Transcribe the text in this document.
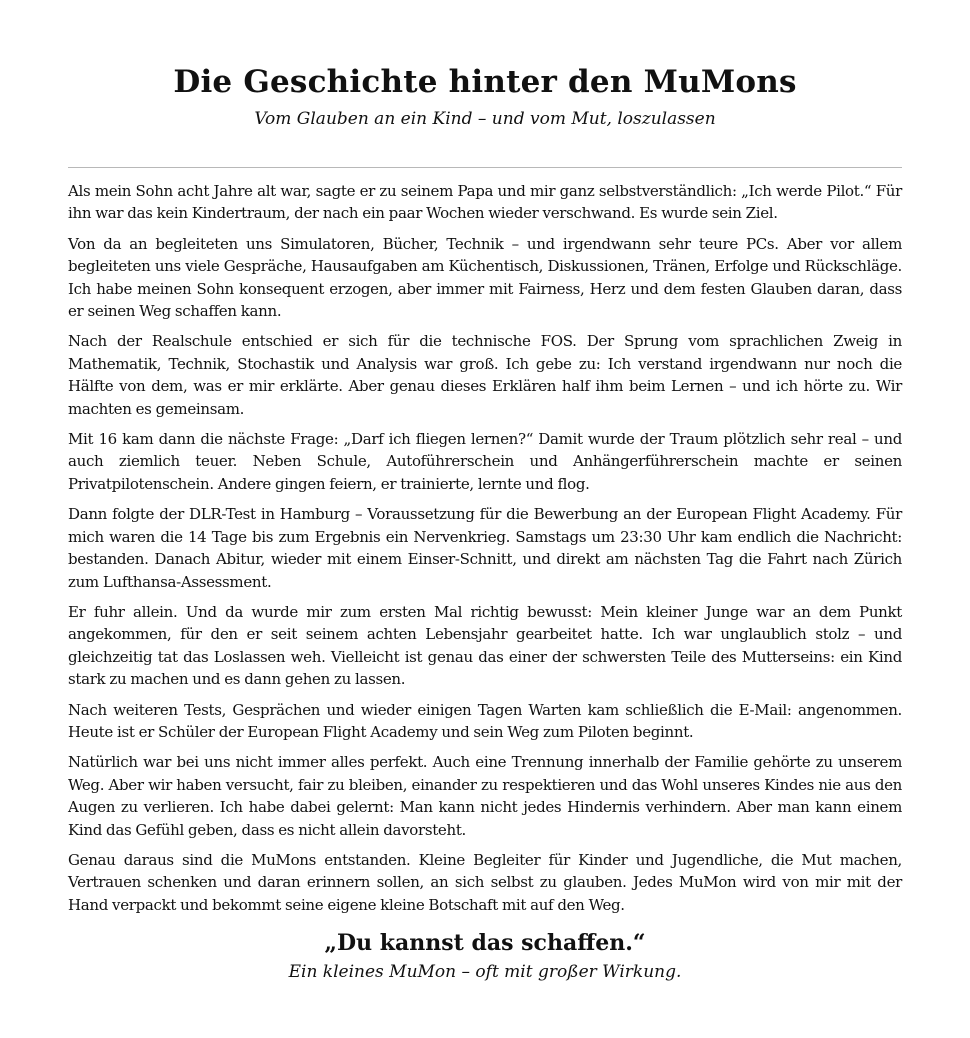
Die Geschichte hinter den MuMons

Vom Glauben an ein Kind – und vom Mut, loszulassen

Als mein Sohn acht Jahre alt war, sagte er zu seinem Papa und mir ganz selbstverständlich: „Ich werde Pilot.“ Für ihn war das kein Kindertraum, der nach ein paar Wochen wieder verschwand. Es wurde sein Ziel.

Von da an begleiteten uns Simulatoren, Bücher, Technik – und irgendwann sehr teure PCs. Aber vor allem begleiteten uns viele Gespräche, Hausaufgaben am Küchentisch, Diskussionen, Tränen, Erfolge und Rückschläge. Ich habe meinen Sohn konsequent erzogen, aber immer mit Fairness, Herz und dem festen Glauben daran, dass er seinen Weg schaffen kann.

Nach der Realschule entschied er sich für die technische FOS. Der Sprung vom sprachlichen Zweig in Mathematik, Technik, Stochastik und Analysis war groß. Ich gebe zu: Ich verstand irgendwann nur noch die Hälfte von dem, was er mir erklärte. Aber genau dieses Erklären half ihm beim Lernen – und ich hörte zu. Wir machten es gemeinsam.

Mit 16 kam dann die nächste Frage: „Darf ich fliegen lernen?“ Damit wurde der Traum plötzlich sehr real – und auch ziemlich teuer. Neben Schule, Autoführerschein und Anhängerführerschein machte er seinen Privatpilotenschein. Andere gingen feiern, er trainierte, lernte und flog.

Dann folgte der DLR-Test in Hamburg – Voraussetzung für die Bewerbung an der European Flight Academy. Für mich waren die 14 Tage bis zum Ergebnis ein Nervenkrieg. Samstags um 23:30 Uhr kam endlich die Nachricht: bestanden. Danach Abitur, wieder mit einem Einser-Schnitt, und direkt am nächsten Tag die Fahrt nach Zürich zum Lufthansa-Assessment.

Er fuhr allein. Und da wurde mir zum ersten Mal richtig bewusst: Mein kleiner Junge war an dem Punkt angekommen, für den er seit seinem achten Lebensjahr gearbeitet hatte. Ich war unglaublich stolz – und gleichzeitig tat das Loslassen weh. Vielleicht ist genau das einer der schwersten Teile des Mutterseins: ein Kind stark zu machen und es dann gehen zu lassen.

Nach weiteren Tests, Gesprächen und wieder einigen Tagen Warten kam schließlich die E-Mail: angenommen. Heute ist er Schüler der European Flight Academy und sein Weg zum Piloten beginnt.

Natürlich war bei uns nicht immer alles perfekt. Auch eine Trennung innerhalb der Familie gehörte zu unserem Weg. Aber wir haben versucht, fair zu bleiben, einander zu respektieren und das Wohl unseres Kindes nie aus den Augen zu verlieren. Ich habe dabei gelernt: Man kann nicht jedes Hindernis verhindern. Aber man kann einem Kind das Gefühl geben, dass es nicht allein davorsteht.

Genau daraus sind die MuMons entstanden. Kleine Begleiter für Kinder und Jugendliche, die Mut machen, Vertrauen schenken und daran erinnern sollen, an sich selbst zu glauben. Jedes MuMon wird von mir mit der Hand verpackt und bekommt seine eigene kleine Botschaft mit auf den Weg.

„Du kannst das schaffen.“

Ein kleines MuMon – oft mit großer Wirkung.
